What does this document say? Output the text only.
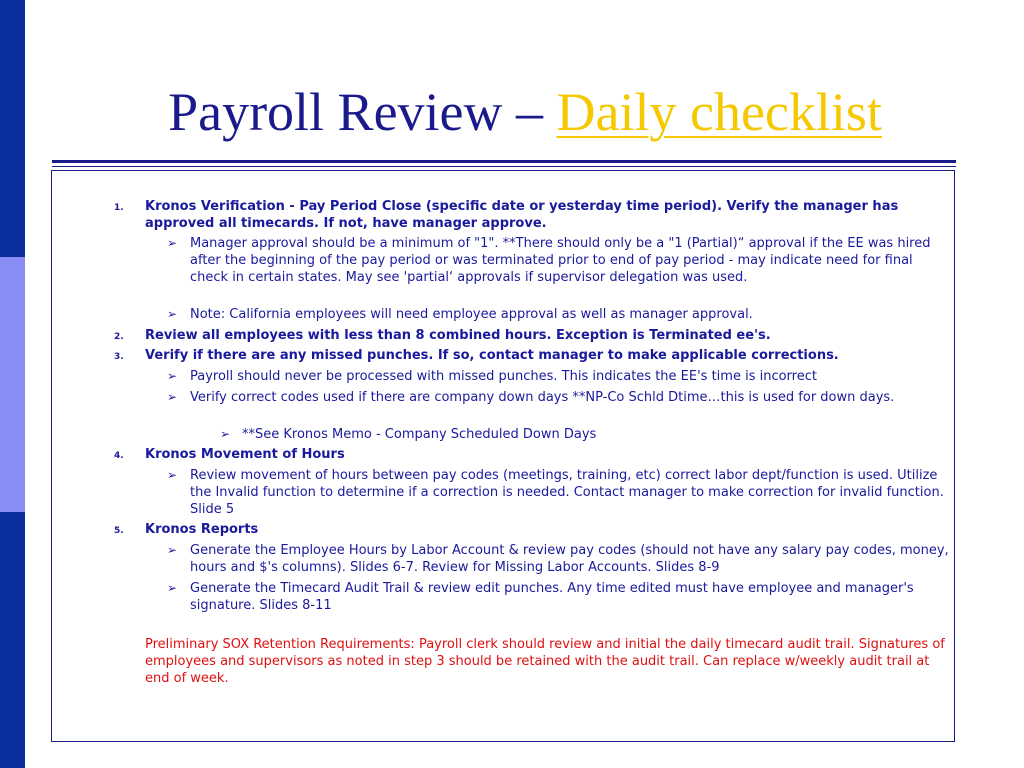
Payroll Review – Daily checklist
1. Kronos Verification - Pay Period Close (specific date or yesterday time period). Verify the manager has approved all timecards. If not, have manager approve.
➢ Manager approval should be a minimum of "1". **There should only be a "1 (Partial)“ approval if the EE was hired after the beginning of the pay period or was terminated prior to end of pay period - may indicate need for final check in certain states. May see 'partial‘ approvals if supervisor delegation was used.
➢ Note: California employees will need employee approval as well as manager approval.
2. Review all employees with less than 8 combined hours. Exception is Terminated ee's.
3. Verify if there are any missed punches. If so, contact manager to make applicable corrections.
➢ Payroll should never be processed with missed punches. This indicates the EE's time is incorrect
➢ Verify correct codes used if there are company down days **NP-Co Schld Dtime…this is used for down days.
➢ **See Kronos Memo - Company Scheduled Down Days
4. Kronos Movement of Hours
➢ Review movement of hours between pay codes (meetings, training, etc) correct labor dept/function is used. Utilize the Invalid function to determine if a correction is needed. Contact manager to make correction for invalid function. Slide 5
5. Kronos Reports
➢ Generate the Employee Hours by Labor Account & review pay codes (should not have any salary pay codes, money, hours and $'s columns). Slides 6-7. Review for Missing Labor Accounts. Slides 8-9
➢ Generate the Timecard Audit Trail & review edit punches. Any time edited must have employee and manager's signature. Slides 8-11
Preliminary SOX Retention Requirements: Payroll clerk should review and initial the daily timecard audit trail. Signatures of employees and supervisors as noted in step 3 should be retained with the audit trail. Can replace w/weekly audit trail at end of week.
